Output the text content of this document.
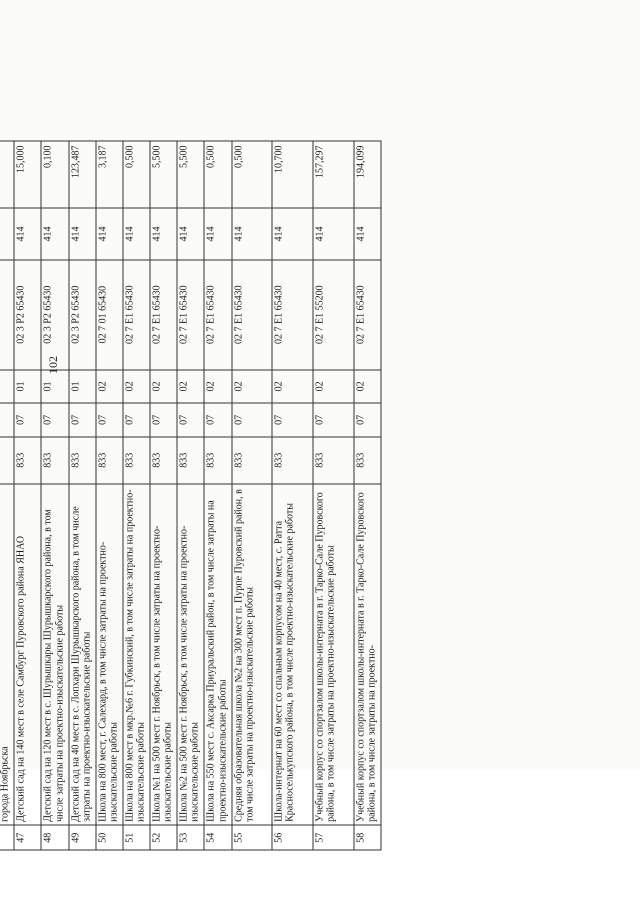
102

	города Ноябрьска						
47	Детский сад на 140 мест в селе Самбург Пуровского района ЯНАО	833	07	01	02 3 P2 65430	414	15,000
48	Детский сад на 120 мест в с. Шурышкары Шурышкарского района, в том числе затраты на проектно-изыскательские работы	833	07	01	02 3 P2 65430	414	0,100
49	Детский сад на 40 мест в с. Лопхари Шурышкарского района, в том числе затраты на проектно-изыскательские работы	833	07	01	02 3 P2 65430	414	123,487
50	Школа на 800 мест, г. Салехард, в том числе затраты на проектно-изыскательские работы	833	07	02	02 7 01 65430	414	3,187
51	Школа на 800 мест в мкр.№6 г. Губкинский, в том числе затраты на проектно-изыскательские работы	833	07	02	02 7 E1 65430	414	0,500
52	Школа №1 на 500 мест г. Ноябрьск, в том числе затраты на проектно-изыскательские работы	833	07	02	02 7 E1 65430	414	5,500
53	Школа №2 на 500 мест г. Ноябрьск, в том числе затраты на проектно-изыскательские работы	833	07	02	02 7 E1 65430	414	5,500
54	Школа на 550 мест с. Аксарка Приуральский район, в том числе затраты на проектно-изыскательские работы	833	07	02	02 7 E1 65430	414	0,500
55	Средняя образовательная школа №2 на 300 мест п. Пурпе Пуровский район, в том числе затраты на проектно-изыскательские работы	833	07	02	02 7 E1 65430	414	0,500
56	Школа-интернат на 60 мест со спальным корпусом на 40 мест, с. Ратта Красноселькупского района, в том числе проектно-изыскательские работы	833	07	02	02 7 E1 65430	414	10,700
57	Учебный корпус со спортзалом школы-интерната в г. Тарко-Сале Пуровского района, в том числе затраты на проектно-изыскательские работы	833	07	02	02 7 E1 55200	414	157,297
58	Учебный корпус со спортзалом школы-интерната в г. Тарко-Сале Пуровского района, в том числе затраты на проектно-	833	07	02	02 7 E1 65430	414	194,099
